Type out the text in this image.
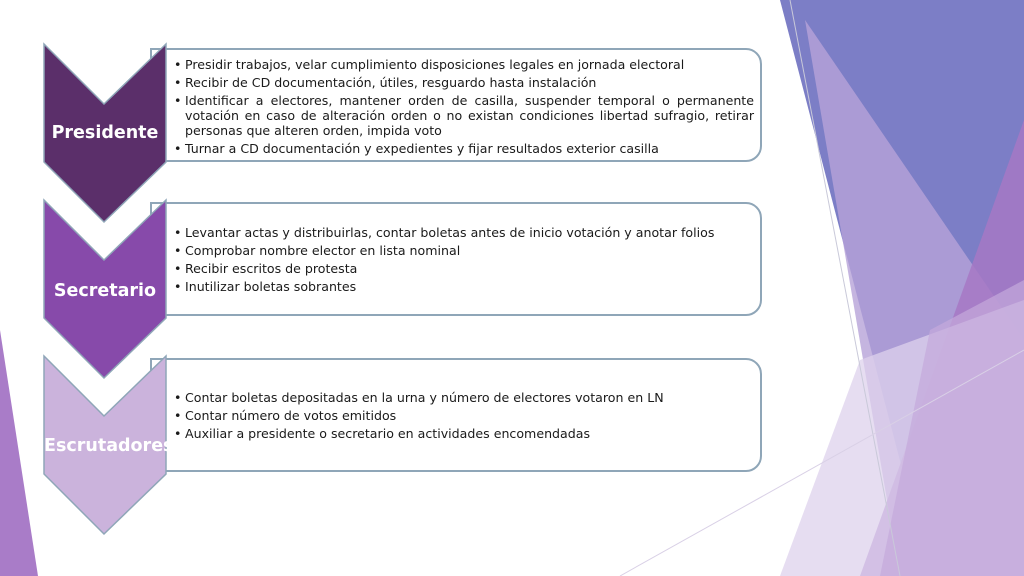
• Presidir trabajos, velar cumplimiento disposiciones legales en jornada electoral
• Recibir de CD documentación, útiles, resguardo hasta instalación
• Identificar a electores, mantener orden de casilla, suspender temporal o permanente votación en caso de alteración orden o no existan condiciones libertad sufragio, retirar personas que alteren orden, impida voto
• Turnar a CD documentación y expedientes y fijar resultados exterior casilla
• Levantar actas y distribuirlas, contar boletas antes de inicio votación y anotar folios
• Comprobar nombre elector en lista nominal
• Recibir escritos de protesta
• Inutilizar boletas sobrantes
• Contar boletas depositadas en la urna y número de electores votaron en LN
• Contar número de votos emitidos
• Auxiliar a presidente o secretario en actividades encomendadas
Presidente
Secretario
Escrutadores
